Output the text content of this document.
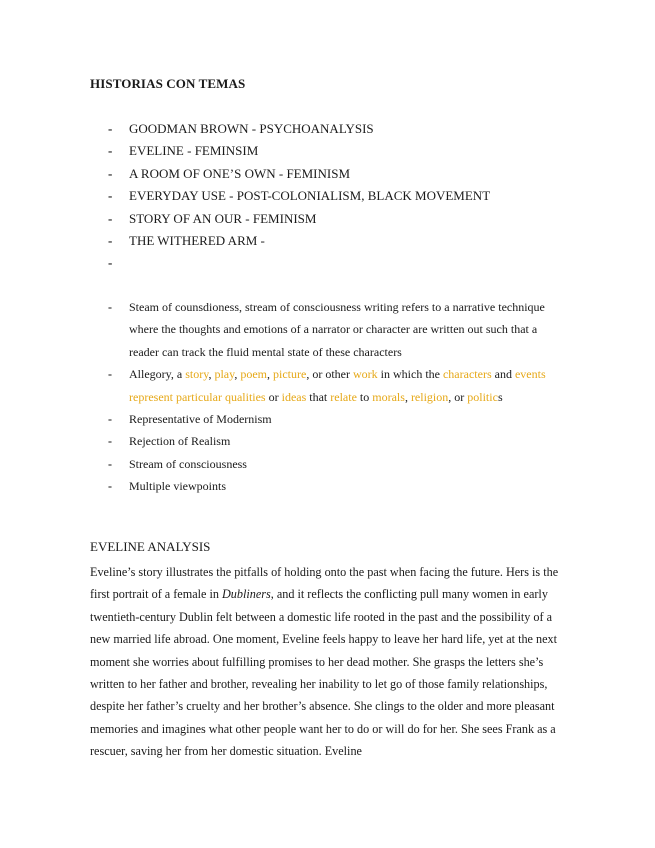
HISTORIAS CON TEMAS
- GOODMAN BROWN - PSYCHOANALYSIS
- EVELINE - FEMINSIM
- A ROOM OF ONE’S OWN - FEMINISM
- EVERYDAY USE - POST-COLONIALISM, BLACK MOVEMENT
- STORY OF AN OUR - FEMINISM
- THE WITHERED ARM -
-
- Steam of counsdioness, stream of consciousness writing refers to a narrative technique where the thoughts and emotions of a narrator or character are written out such that a reader can track the fluid mental state of these characters
- Allegory, a story, play, poem, picture, or other work in which the characters and events represent particular qualities or ideas that relate to morals, religion, or politics
- Representative of Modernism
- Rejection of Realism
- Stream of consciousness
- Multiple viewpoints
EVELINE ANALYSIS

Eveline’s story illustrates the pitfalls of holding onto the past when facing the future. Hers is the first portrait of a female in Dubliners, and it reflects the conflicting pull many women in early twentieth-century Dublin felt between a domestic life rooted in the past and the possibility of a new married life abroad. One moment, Eveline feels happy to leave her hard life, yet at the next moment she worries about fulfilling promises to her dead mother. She grasps the letters she’s written to her father and brother, revealing her inability to let go of those family relationships, despite her father’s cruelty and her brother’s absence. She clings to the older and more pleasant memories and imagines what other people want her to do or will do for her. She sees Frank as a rescuer, saving her from her domestic situation. Eveline
